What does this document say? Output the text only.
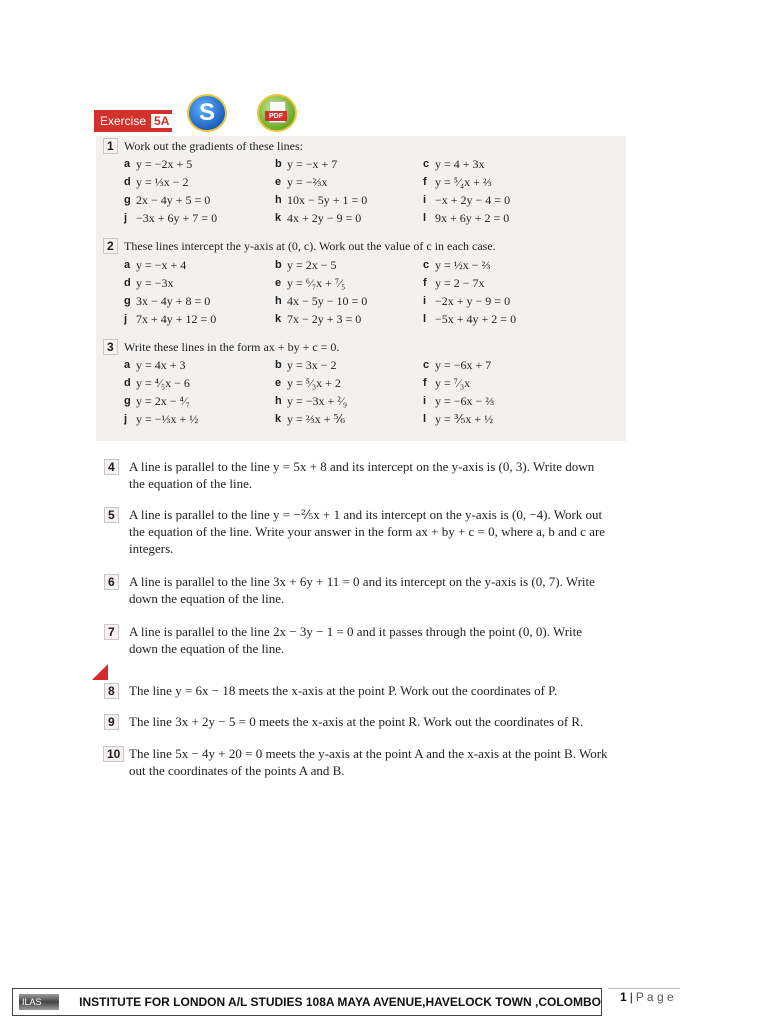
Exercise 5A S	PDF
1 Work out the gradients of these lines:
a y = −2x + 5	b y = −x + 7	c y = 4 + 3x
d y = ⅓x − 2	e y = −⅔x	f y = ⁵⁄₄x + ⅔
g 2x − 4y + 5 = 0	h 10x − 5y + 1 = 0	i −x + 2y − 4 = 0
j −3x + 6y + 7 = 0	k 4x + 2y − 9 = 0	l 9x + 6y + 2 = 0
2 These lines intercept the y-axis at (0, c). Work out the value of c in each case.
a y = −x + 4	b y = 2x − 5	c y = ½x − ⅔
d y = −3x	e y = ⁶⁄₇x + ⁷⁄₅	f y = 2 − 7x
g 3x − 4y + 8 = 0	h 4x − 5y − 10 = 0	i −2x + y − 9 = 0
j 7x + 4y + 12 = 0	k 7x − 2y + 3 = 0	l −5x + 4y + 2 = 0
3 Write these lines in the form ax + by + c = 0.
a y = 4x + 3	b y = 3x − 2	c y = −6x + 7
d y = ⁴⁄₅x − 6	e y = ⁵⁄₃x + 2	f y = ⁷⁄₃x
g y = 2x − ⁴⁄₇	h y = −3x + ²⁄₉	i y = −6x − ⅔
j y = −⅓x + ½	k y = ⅔x + ⅚	l y = ⅗x + ½
4	A line is parallel to the line y = 5x + 8 and its intercept on the y-axis is (0, 3). Write down
the equation of the line.
5	A line is parallel to the line y = −⅖x + 1 and its intercept on the y-axis is (0, −4). Work out
the equation of the line. Write your answer in the form ax + by + c = 0, where a, b and c are
integers.
6	A line is parallel to the line 3x + 6y + 11 = 0 and its intercept on the y-axis is (0, 7). Write
down the equation of the line.
7	A line is parallel to the line 2x − 3y − 1 = 0 and it passes through the point (0, 0). Write
down the equation of the line.
8	The line y = 6x − 18 meets the x-axis at the point P. Work out the coordinates of P.
9	The line 3x + 2y − 5 = 0 meets the x-axis at the point R. Work out the coordinates of R.
10 The line 5x − 4y + 20 = 0 meets the y-axis at the point A and the x-axis at the point B. Work
out the coordinates of the points A and B.
ILAS	INSTITUTE FOR LONDON A/L STUDIES 108A MAYA AVENUE,HAVELOCK TOWN ,COLOMBO 1 | P a g e
